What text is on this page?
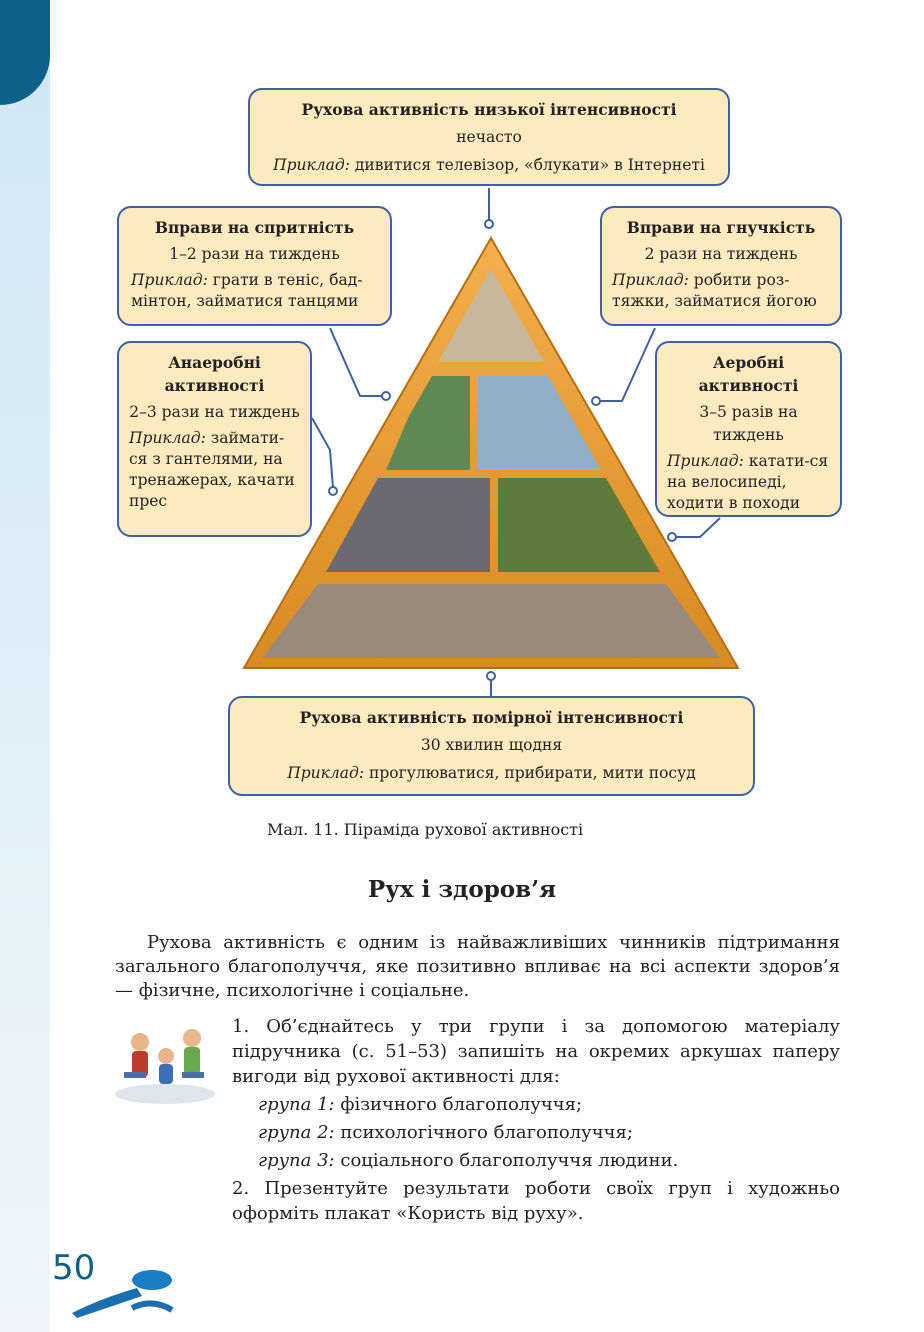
Рухова активність низької інтенсивності
нечасто
Приклад: дивитися телевізор, «блукати» в Інтернеті
Вправи на спритність
1–2 рази на тиждень
Приклад: грати в теніс, бад-мінтон, займатися танцями
Вправи на гнучкість
2 рази на тиждень
Приклад: робити роз-тяжки, займатися йогою
Анаеробні активності
2–3 рази на тиждень
Приклад: займати-ся з гантелями, на тренажерах, качати прес
Аеробні активності
3–5 разів на тиждень
Приклад: катати-ся на велосипеді, ходити в походи
Рухова активність помірної інтенсивності
30 хвилин щодня
Приклад: прогулюватися, прибирати, мити посуд
Мал. 11. Піраміда рухової активності
Рух і здоров’я
Рухова активність є одним із найважливіших чинників підтримання загального благополуччя, яке позитивно впливає на всі аспекти здоров’я — фізичне, психологічне і соціальне.

1. Об’єднайтесь у три групи і за допомогою матеріалу підручника (с. 51–53) запишіть на окремих аркушах паперу вигоди від рухової активності для:

група 1: фізичного благополуччя;

група 2: психологічного благополуччя;

група 3: соціального благополуччя людини.

2. Презентуйте результати роботи своїх груп і художньо оформіть плакат «Користь від руху».

50
